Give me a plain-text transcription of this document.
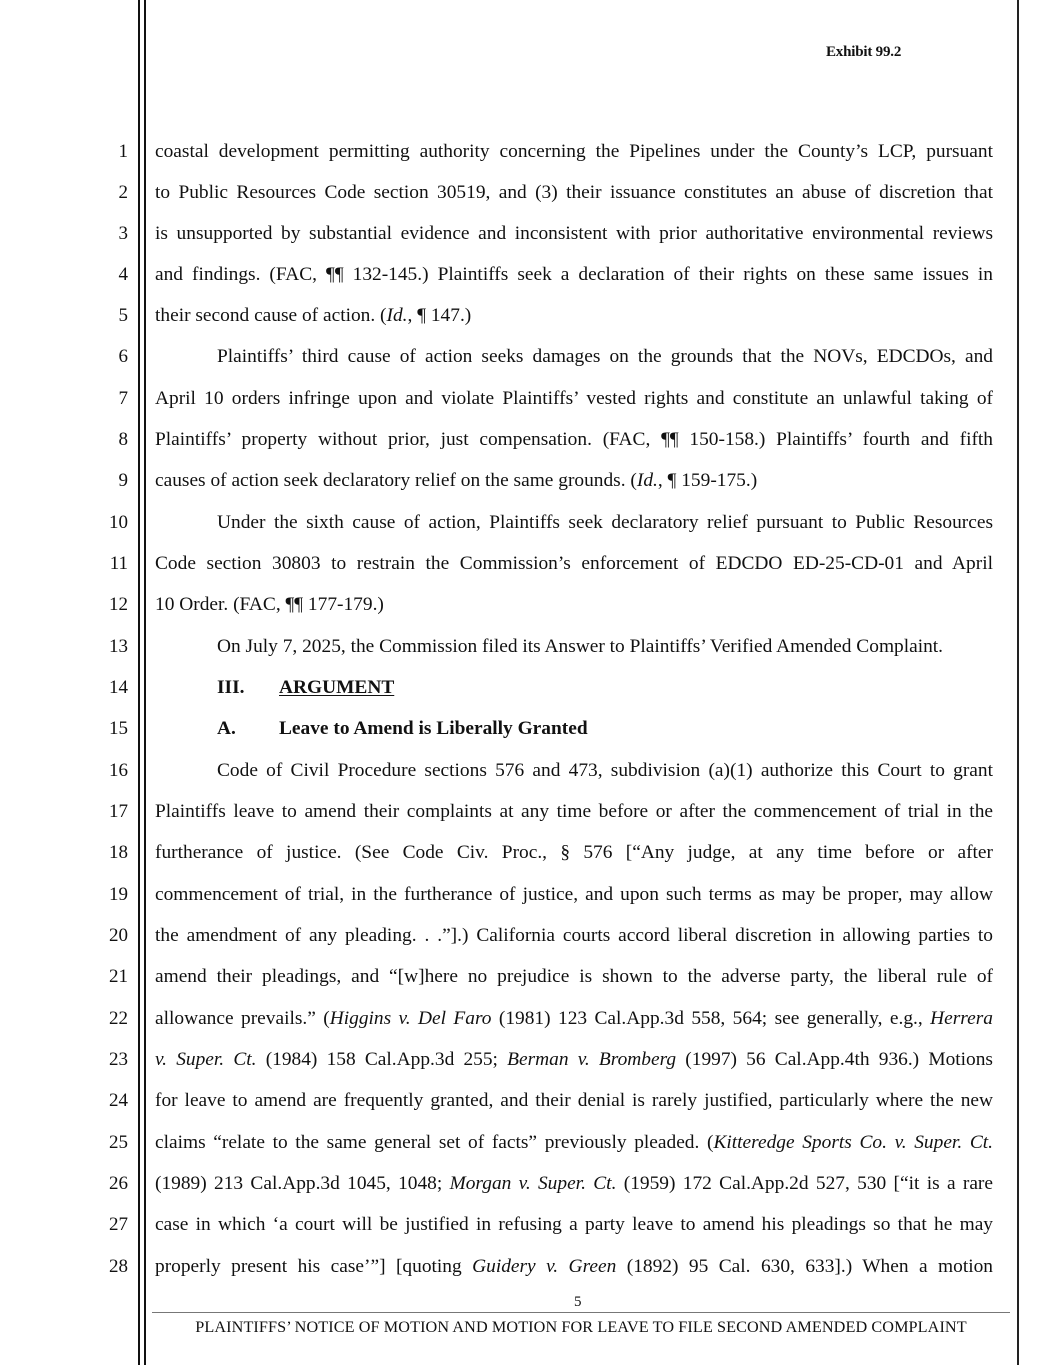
Exhibit 99.2
1
2
3
4
5
6
7
8
9
10
11
12
13
14
15
16
17
18
19
20
21
22
23
24
25
26
27
28
coastal development permitting authority concerning the Pipelines under the County’s LCP, pursuant
to Public Resources Code section 30519, and (3) their issuance constitutes an abuse of discretion that
is unsupported by substantial evidence and inconsistent with prior authoritative environmental reviews
and findings. (FAC, ¶¶ 132-145.) Plaintiffs seek a declaration of their rights on these same issues in
their second cause of action. (Id., ¶ 147.)
Plaintiffs’ third cause of action seeks damages on the grounds that the NOVs, EDCDOs, and
April 10 orders infringe upon and violate Plaintiffs’ vested rights and constitute an unlawful taking of
Plaintiffs’ property without prior, just compensation. (FAC, ¶¶ 150-158.) Plaintiffs’ fourth and fifth
causes of action seek declaratory relief on the same grounds. (Id., ¶ 159-175.)
Under the sixth cause of action, Plaintiffs seek declaratory relief pursuant to Public Resources
Code section 30803 to restrain the Commission’s enforcement of EDCDO ED-25-CD-01 and April
10 Order. (FAC, ¶¶ 177-179.)
On July 7, 2025, the Commission filed its Answer to Plaintiffs’ Verified Amended Complaint.
III. ARGUMENT
A. Leave to Amend is Liberally Granted
Code of Civil Procedure sections 576 and 473, subdivision (a)(1) authorize this Court to grant
Plaintiffs leave to amend their complaints at any time before or after the commencement of trial in the
furtherance of justice. (See Code Civ. Proc., § 576 [“Any judge, at any time before or after
commencement of trial, in the furtherance of justice, and upon such terms as may be proper, may allow
the amendment of any pleading. . .”].) California courts accord liberal discretion in allowing parties to
amend their pleadings, and “[w]here no prejudice is shown to the adverse party, the liberal rule of
allowance prevails.” (Higgins v. Del Faro (1981) 123 Cal.App.3d 558, 564; see generally, e.g., Herrera
v. Super. Ct. (1984) 158 Cal.App.3d 255; Berman v. Bromberg (1997) 56 Cal.App.4th 936.) Motions
for leave to amend are frequently granted, and their denial is rarely justified, particularly where the new
claims “relate to the same general set of facts” previously pleaded. (Kitteredge Sports Co. v. Super. Ct.
(1989) 213 Cal.App.3d 1045, 1048; Morgan v. Super. Ct. (1959) 172 Cal.App.2d 527, 530 [“it is a rare
case in which ‘a court will be justified in refusing a party leave to amend his pleadings so that he may
properly present his case’”] [quoting Guidery v. Green (1892) 95 Cal. 630, 633].) When a motion
5
PLAINTIFFS’ NOTICE OF MOTION AND MOTION FOR LEAVE TO FILE SECOND AMENDED COMPLAINT
